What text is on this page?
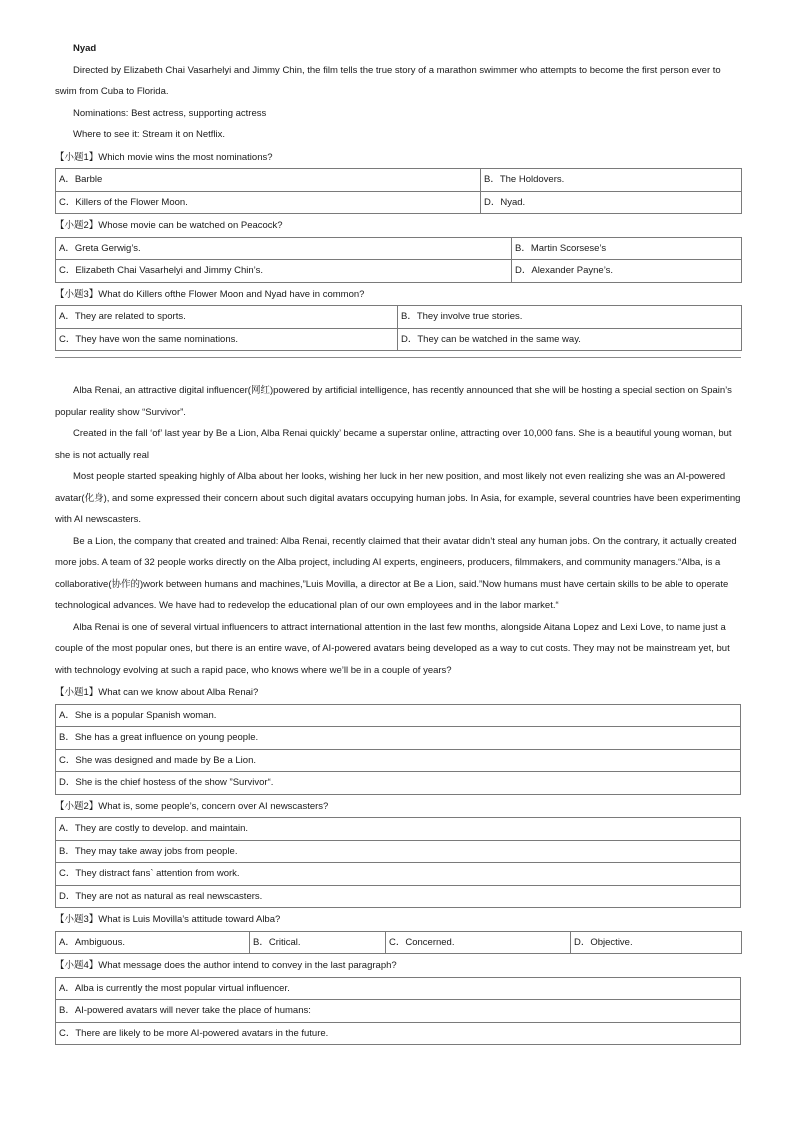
Nyad

Directed by Elizabeth Chai Vasarhelyi and Jimmy Chin, the film tells the true story of a marathon swimmer who attempts to become the first person ever to swim from Cuba to Florida.

Nominations: Best actress, supporting actress

Where to see it: Stream it on Netflix.

【小题1】Which movie wins the most nominations?

A．Barble	B．The Holdovers.
C．Killers of the Flower Moon.	D．Nyad.

【小题2】Whose movie can be watched on Peacock?

A．Greta Gerwig’s.	B．Martin Scorsese’s
C．Elizabeth Chai Vasarhelyi and Jimmy Chin’s.	D．Alexander Payne’s.

【小题3】What do Killers ofthe Flower Moon and Nyad have in common?

A．They are related to sports.	B．They involve true stories.
C．They have won the same nominations.	D．They can be watched in the same way.

Alba Renai, an attractive digital influencer(网红)powered by artificial intelligence, has recently announced that she will be hosting a special section on Spain’s popular reality show “Survivor”.

Created in the fall ‘of’ last year by Be a Lion, Alba Renai quickly’ became a superstar online, attracting over 10,000 fans. She is a beautiful young woman, but she is not actually real

Most people started speaking highly of Alba about her looks, wishing her luck in her new position, and most likely not even realizing she was an AI-powered avatar(化身), and some expressed their concern about such digital avatars occupying human jobs. In Asia, for example, several countries have been experimenting with AI newscasters.

Be a Lion, the company that created and trained: Alba Renai, recently claimed that their avatar didn’t steal any human jobs. On the contrary, it actually created more jobs. A team of 32 people works directly on the Alba project, including AI experts, engineers, producers, filmmakers, and community managers.“Alba, is a collaborative(协作的)work between humans and machines,”Luis Movilla, a director at Be a Lion, said.”Now humans must have certain skills to be able to operate technological advances. We have had to redevelop the educational plan of our own employees and in the labor market.“

Alba Renai is one of several virtual influencers to attract international attention in the last few months, alongside Aitana Lopez and Lexi Love, to name just a couple of the most popular ones, but there is an entire wave, of AI-powered avatars being developed as a way to cut costs. They may not be mainstream yet, but with technology evolving at such a rapid pace, who knows where we’ll be in a couple of years?

【小题1】What can we know about Alba Renai?

A．She is a popular Spanish woman.
B．She has a great influence on young people.
C．She was designed and made by Be a Lion.
D．She is the chief hostess of the show ”Survivor“.

【小题2】What is, some people’s, concern over AI newscasters?

A．They are costly to develop. and maintain.
B．They may take away jobs from people.
C．They distract fans` attention from work.
D．They are not as natural as real newscasters.

【小题3】What is Luis Movilla’s attitude toward Alba?

A．Ambiguous.	B．Critical.	C．Concerned.	D．Objective.

【小题4】What message does the author intend to convey in the last paragraph?

A．Alba is currently the most popular virtual influencer.
B．AI-powered avatars will never take the place of humans:
C．There are likely to be more AI-powered avatars in the future.
